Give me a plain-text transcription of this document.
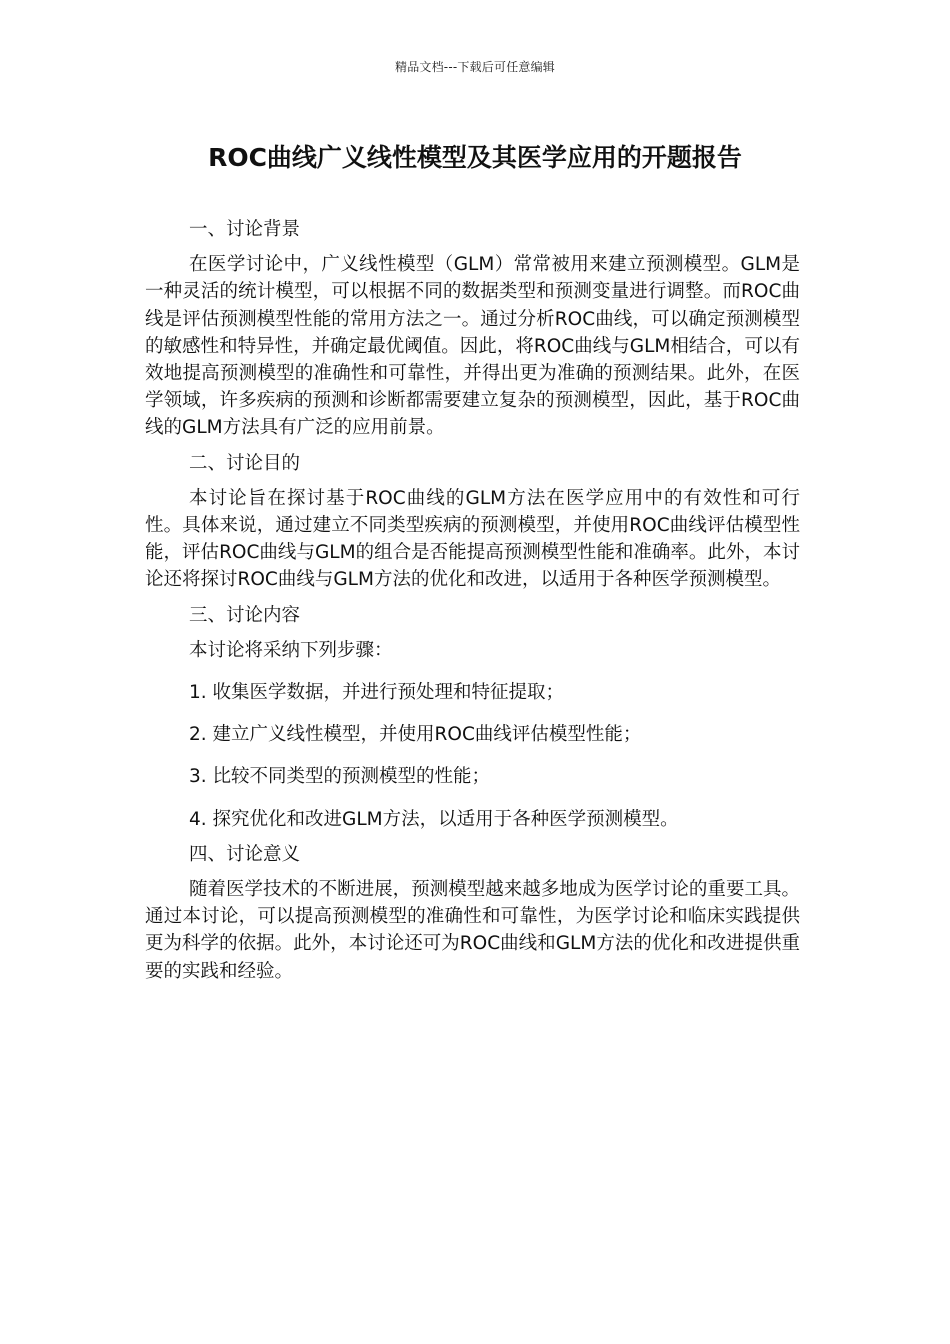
精品文档---下载后可任意编辑
ROC曲线广义线性模型及其医学应用的开题报告

一、讨论背景

在医学讨论中，广义线性模型（GLM）常常被用来建立预测模型。GLM是一种灵活的统计模型，可以根据不同的数据类型和预测变量进行调整。而ROC曲线是评估预测模型性能的常用方法之一。通过分析ROC曲线，可以确定预测模型的敏感性和特异性，并确定最优阈值。因此，将ROC曲线与GLM相结合，可以有效地提高预测模型的准确性和可靠性，并得出更为准确的预测结果。此外，在医学领域，许多疾病的预测和诊断都需要建立复杂的预测模型，因此，基于ROC曲线的GLM方法具有广泛的应用前景。

二、讨论目的

本讨论旨在探讨基于ROC曲线的GLM方法在医学应用中的有效性和可行性。具体来说，通过建立不同类型疾病的预测模型，并使用ROC曲线评估模型性能，评估ROC曲线与GLM的组合是否能提高预测模型性能和准确率。此外，本讨论还将探讨ROC曲线与GLM方法的优化和改进，以适用于各种医学预测模型。

三、讨论内容

本讨论将采纳下列步骤：

1. 收集医学数据，并进行预处理和特征提取；

2. 建立广义线性模型，并使用ROC曲线评估模型性能；

3. 比较不同类型的预测模型的性能；

4. 探究优化和改进GLM方法，以适用于各种医学预测模型。

四、讨论意义

随着医学技术的不断进展，预测模型越来越多地成为医学讨论的重要工具。通过本讨论，可以提高预测模型的准确性和可靠性，为医学讨论和临床实践提供更为科学的依据。此外，本讨论还可为ROC曲线和GLM方法的优化和改进提供重要的实践和经验。
